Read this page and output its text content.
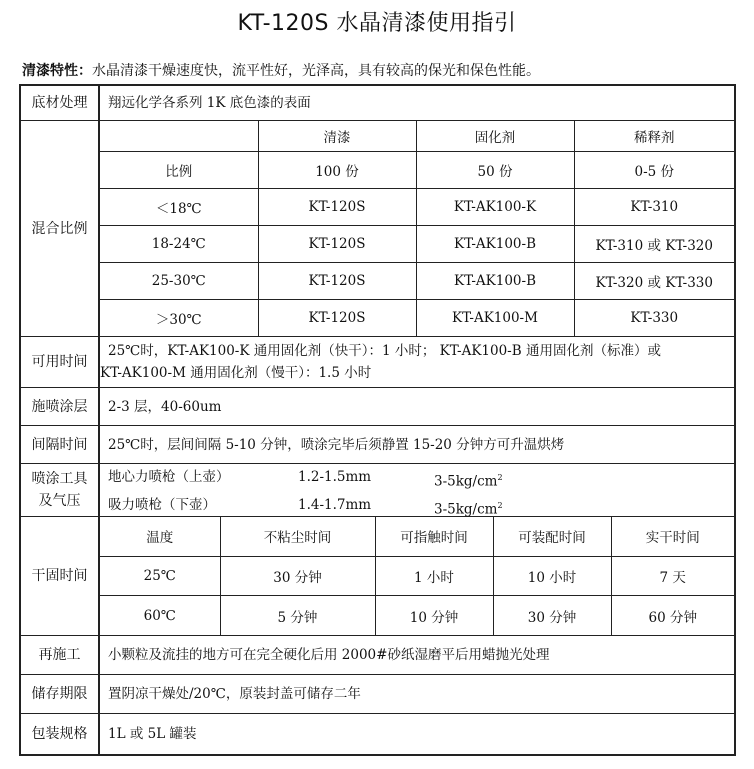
KT-120S 水晶清漆使用指引
清漆特性：水晶清漆干燥速度快，流平性好，光泽高，具有较高的保光和保色性能。
底材处理	翔远化学各系列 1K 底色漆的表面
混合比例
	清漆	固化剂	稀释剂
比例	100 份	50 份	0-5 份
＜18℃	KT-120S	KT-AK100-K	KT-310
18-24℃	KT-120S	KT-AK100-B	KT-310 或 KT-320
25-30℃	KT-120S	KT-AK100-B	KT-320 或 KT-330
＞30℃	KT-120S	KT-AK100-M	KT-330
可用时间
25℃时，KT-AK100-K 通用固化剂（快干）：1 小时； KT-AK100-B 通用固化剂（标准）或
KT-AK100-M 通用固化剂（慢干）：1.5 小时
施喷涂层	2-3 层，40-60um
间隔时间	25℃时，层间间隔 5-10 分钟，喷涂完毕后须静置 15-20 分钟方可升温烘烤
喷涂工具
及气压
地心力喷枪（上壶）	1.2-1.5mm	$3-5kg/cm^2$
吸力喷枪（下壶）	1.4-1.7mm	$3-5kg/cm^2$
干固时间
温度	不粘尘时间	可指触时间	可装配时间	实干时间
25℃	30 分钟	1 小时	10 小时	7 天
60℃	5 分钟	10 分钟	30 分钟	60 分钟
再施工	小颗粒及流挂的地方可在完全硬化后用 2000#砂纸湿磨平后用蜡抛光处理
储存期限	置阴凉干燥处/20℃，原装封盖可储存二年
包装规格	1L 或 5L 罐装
